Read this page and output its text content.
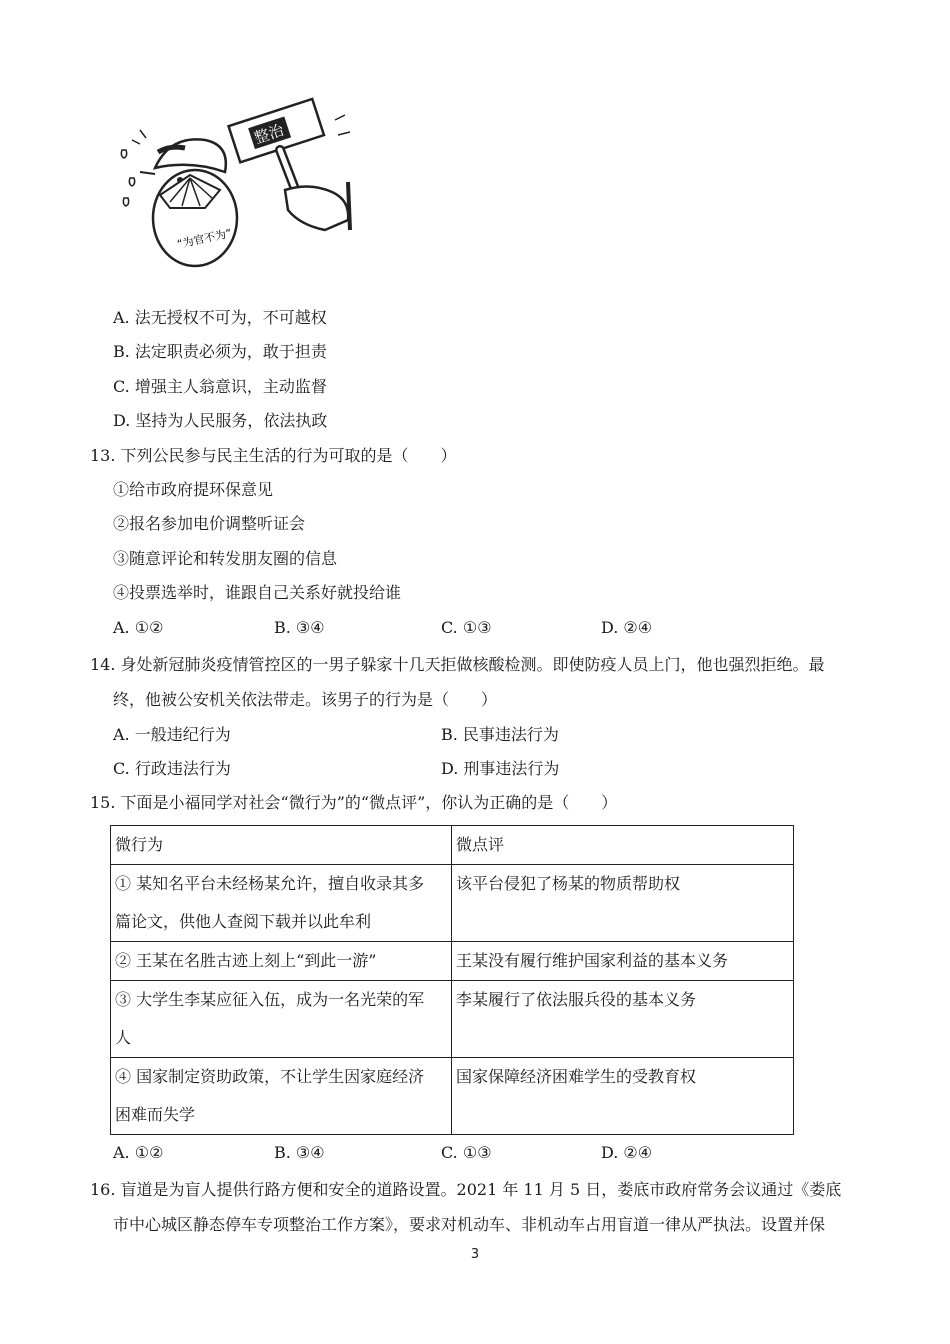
“为官不为”
整治
A. 法无授权不可为，不可越权
B. 法定职责必须为，敢于担责
C. 增强主人翁意识，主动监督
D. 坚持为人民服务，依法执政
13. 下列公民参与民主生活的行为可取的是（　　）
①给市政府提环保意见
②报名参加电价调整听证会
③随意评论和转发朋友圈的信息
④投票选举时，谁跟自己关系好就投给谁
A. ①②	B. ③④	C. ①③	D. ②④
14. 身处新冠肺炎疫情管控区的一男子躲家十几天拒做核酸检测。即使防疫人员上门，他也强烈拒绝。最
终，他被公安机关依法带走。该男子的行为是（　　）
A. 一般违纪行为	B. 民事违法行为
C. 行政违法行为	D. 刑事违法行为
15. 下面是小福同学对社会“微行为”的“微点评”，你认为正确的是（　　）
微行为	微点评

① 某知名平台未经杨某允许，擅自收录其多
篇论文，供他人查阅下载并以此牟利	该平台侵犯了杨某的物质帮助权

② 王某在名胜古迹上刻上“到此一游”	王某没有履行维护国家利益的基本义务

③ 大学生李某应征入伍，成为一名光荣的军
人	李某履行了依法服兵役的基本义务

④ 国家制定资助政策，不让学生因家庭经济
困难而失学	国家保障经济困难学生的受教育权
A. ①②	B. ③④	C. ①③	D. ②④
16. 盲道是为盲人提供行路方便和安全的道路设置。2021 年 11 月 5 日，娄底市政府常务会议通过《娄底
市中心城区静态停车专项整治工作方案》，要求对机动车、非机动车占用盲道一律从严执法。设置并保
3
